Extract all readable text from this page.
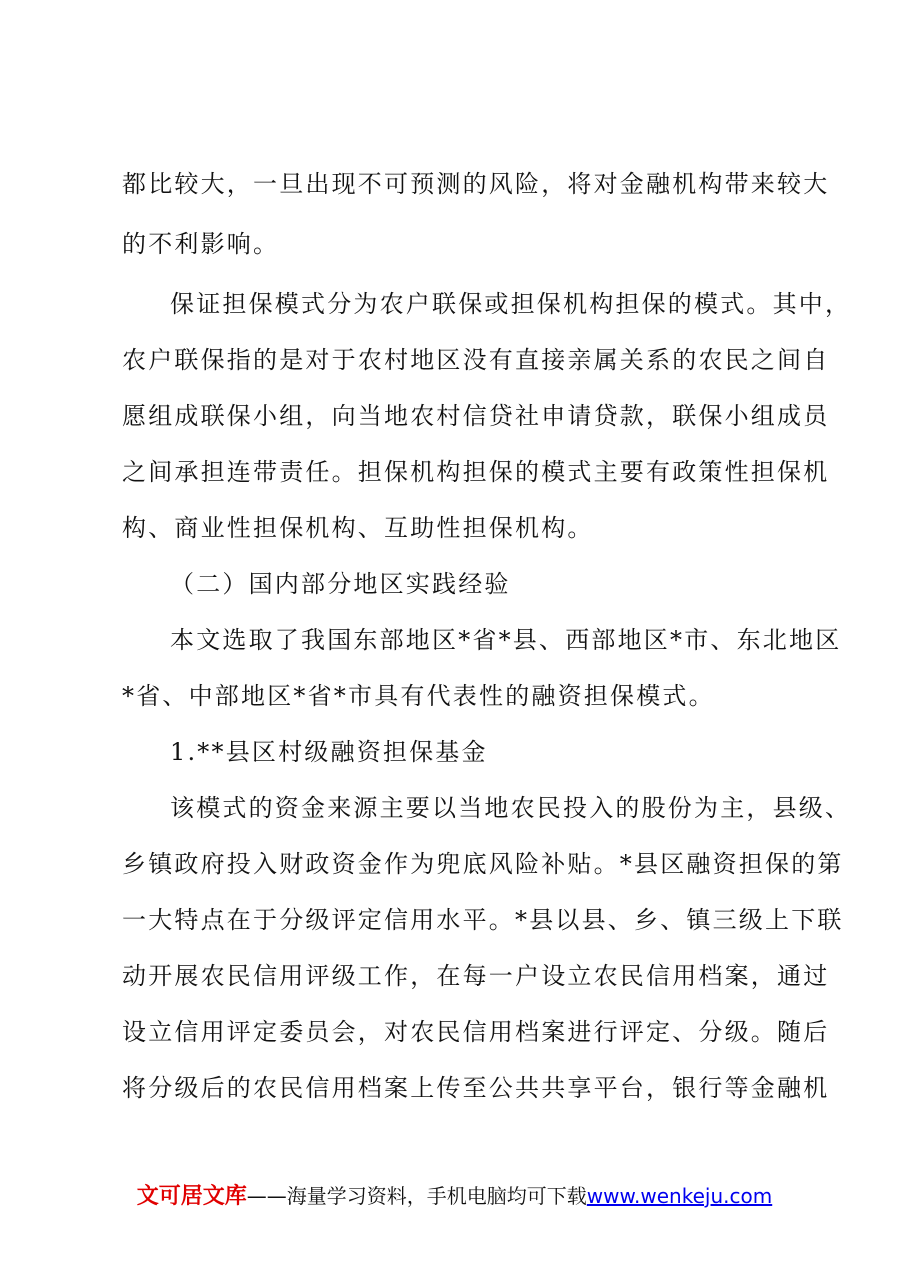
都比较大，一旦出现不可预测的风险，将对金融机构带来较大
的不利影响。
保证担保模式分为农户联保或担保机构担保的模式。其中，
农户联保指的是对于农村地区没有直接亲属关系的农民之间自
愿组成联保小组，向当地农村信贷社申请贷款，联保小组成员
之间承担连带责任。担保机构担保的模式主要有政策性担保机
构、商业性担保机构、互助性担保机构。
（二）国内部分地区实践经验
本文选取了我国东部地区*省*县、西部地区*市、东北地区
*省、中部地区*省*市具有代表性的融资担保模式。
1.**县区村级融资担保基金
该模式的资金来源主要以当地农民投入的股份为主，县级、
乡镇政府投入财政资金作为兜底风险补贴。*县区融资担保的第
一大特点在于分级评定信用水平。*县以县、乡、镇三级上下联
动开展农民信用评级工作，在每一户设立农民信用档案，通过
设立信用评定委员会，对农民信用档案进行评定、分级。随后
将分级后的农民信用档案上传至公共共享平台，银行等金融机
文可居文库——海量学习资料，手机电脑均可下载www.wenkeju.com
